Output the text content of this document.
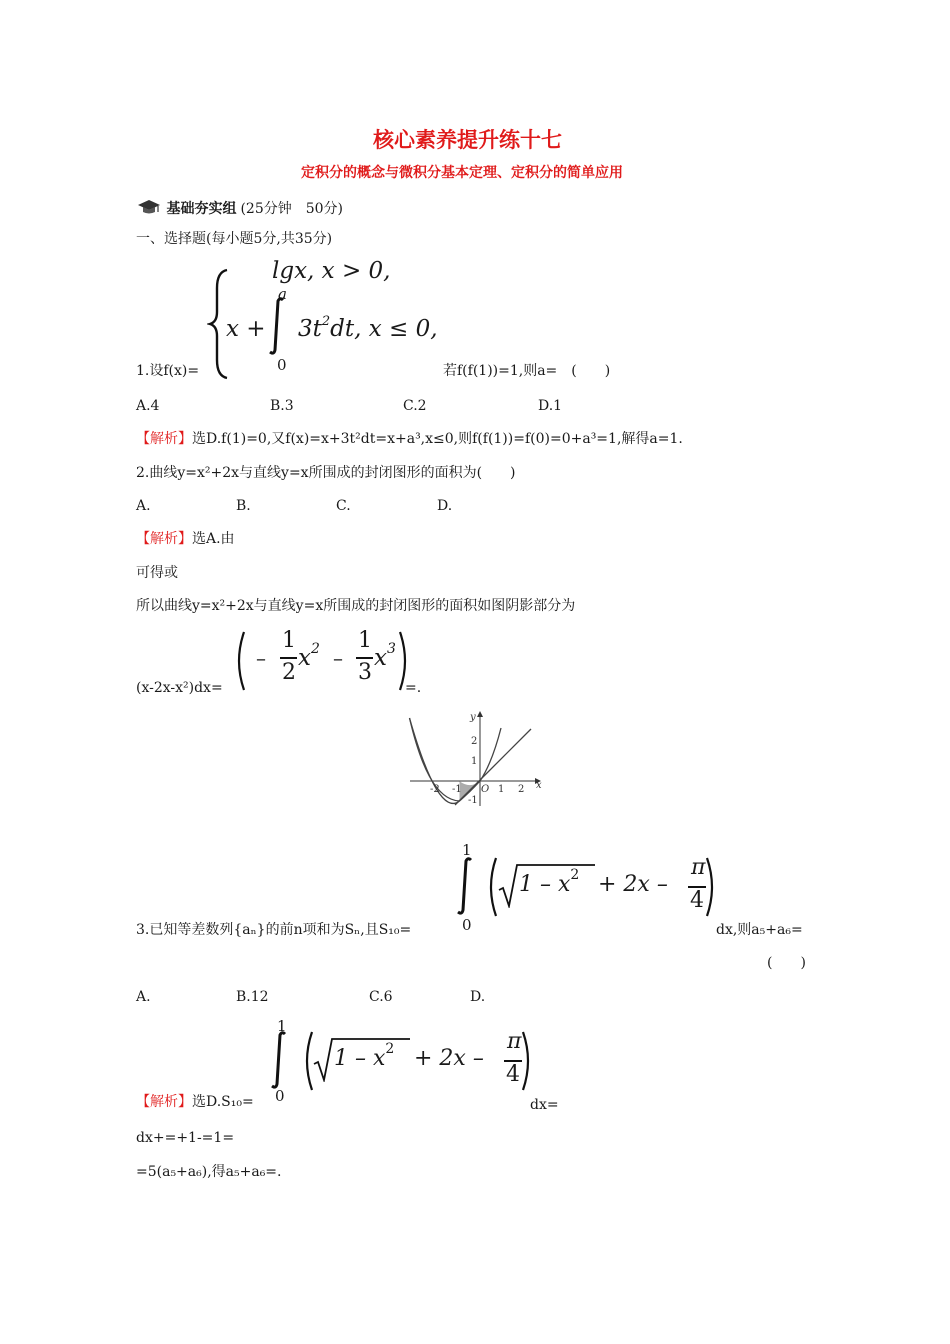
核心素养提升练十七
定积分的概念与微积分基本定理、定积分的简单应用
基础夯实组 (25分钟　50分)
一、选择题(每小题5分,共35分)
lgx, x > 0,
a
x +
0
$3t^2dt$, x ≤ 0,
1.设f(x)=	若f(f(1))=1,则a=　(　　)
A.4	B.3	C.2	D.1
【解析】选D.f(1)=0,又f(x)=x+3t²dt=x+a³,x≤0,则f(f(1))=f(0)=0+a³=1,解得a=1.
2.曲线y=x²+2x与直线y=x所围成的封闭图形的面积为(　　)
A.	B.	C.	D.
【解析】选A.由
可得或
所以曲线y=x²+2x与直线y=x所围成的封闭图形的面积如图阴影部分为
(x-2x-x²)dx=
–
1
2
$x^2$ –
1
3
$x^3$
=.
-2 -1 O 1 2 x
2
1
-1
y
1
0
$1 - x^2 + 2x$ –
π
4
3.已知等差数列{aₙ}的前n项和为Sₙ,且S₁₀=	dx,则a₅+a₆=
(　　)
A.	B.12	C.6	D.
1
0
$1 - x^2 + 2x$ –
π
4
【解析】选D.S₁₀=	dx=
dx+=+1-=1=
=5(a₅+a₆),得a₅+a₆=.
